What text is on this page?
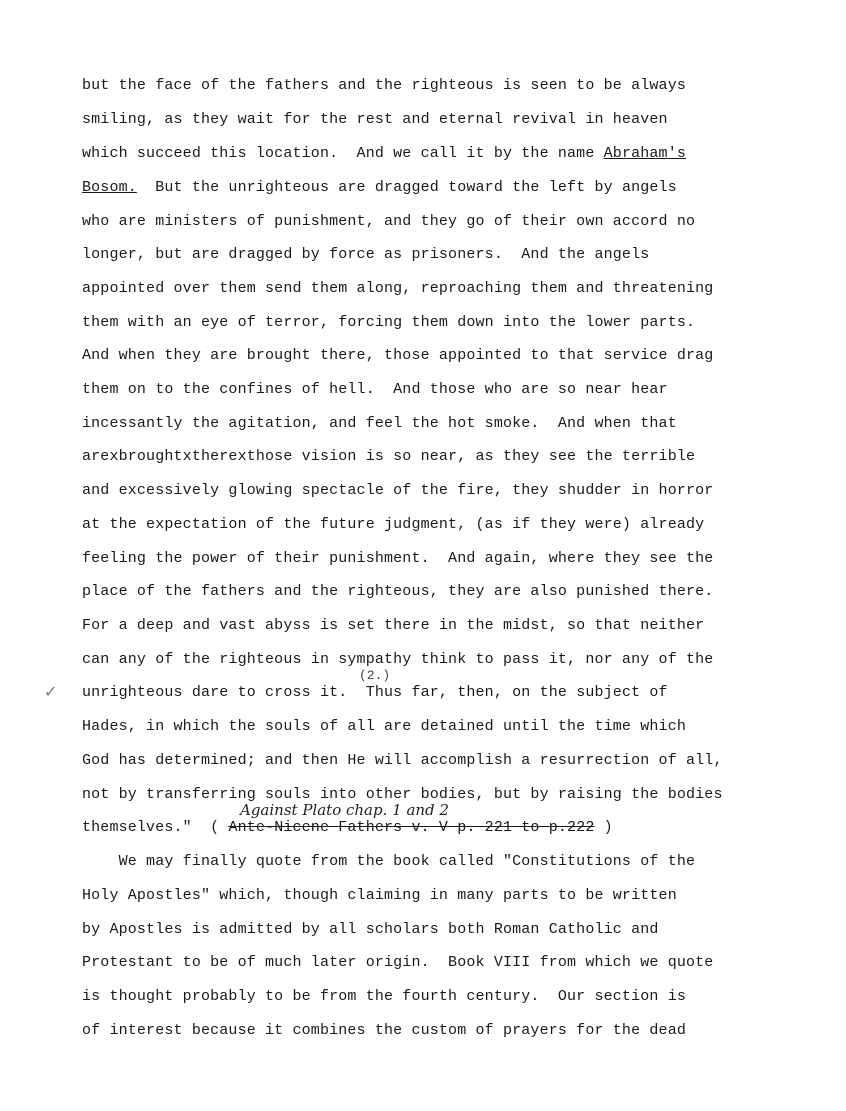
but the face of the fathers and the righteous is seen to be always
smiling, as they wait for the rest and eternal revival in heaven
which succeed this location.  And we call it by the name Abraham's
Bosom.  But the unrighteous are dragged toward the left by angels
who are ministers of punishment, and they go of their own accord no
longer, but are dragged by force as prisoners.  And the angels
appointed over them send them along, reproaching them and threatening
them with an eye of terror, forcing them down into the lower parts.
And when they are brought there, those appointed to that service drag
them on to the confines of hell.  And those who are so near hear
incessantly the agitation, and feel the hot smoke.  And when that
arexbroughtxtherexthose vision is so near, as they see the terrible
and excessively glowing spectacle of the fire, they shudder in horror
at the expectation of the future judgment, (as if they were) already
feeling the power of their punishment.  And again, where they see the
place of the fathers and the righteous, they are also punished there.
For a deep and vast abyss is set there in the midst, so that neither
can any of the righteous in sympathy think to pass it, nor any of the
(2.)
unrighteous dare to cross it.  Thus far, then, on the subject of
Hades, in which the souls of all are detained until the time which
God has determined; and then He will accomplish a resurrection of all,
not by transferring souls into other bodies, but by raising the bodies
Against Plato chap. 1 and 2
themselves."  ( Ante-Nicene Fathers v. V p. 221 to p.222 )
We may finally quote from the book called "Constitutions of the
Holy Apostles" which, though claiming in many parts to be written
by Apostles is admitted by all scholars both Roman Catholic and
Protestant to be of much later origin.  Book VIII from which we quote
is thought probably to be from the fourth century.  Our section is
of interest because it combines the custom of prayers for the dead
✓
